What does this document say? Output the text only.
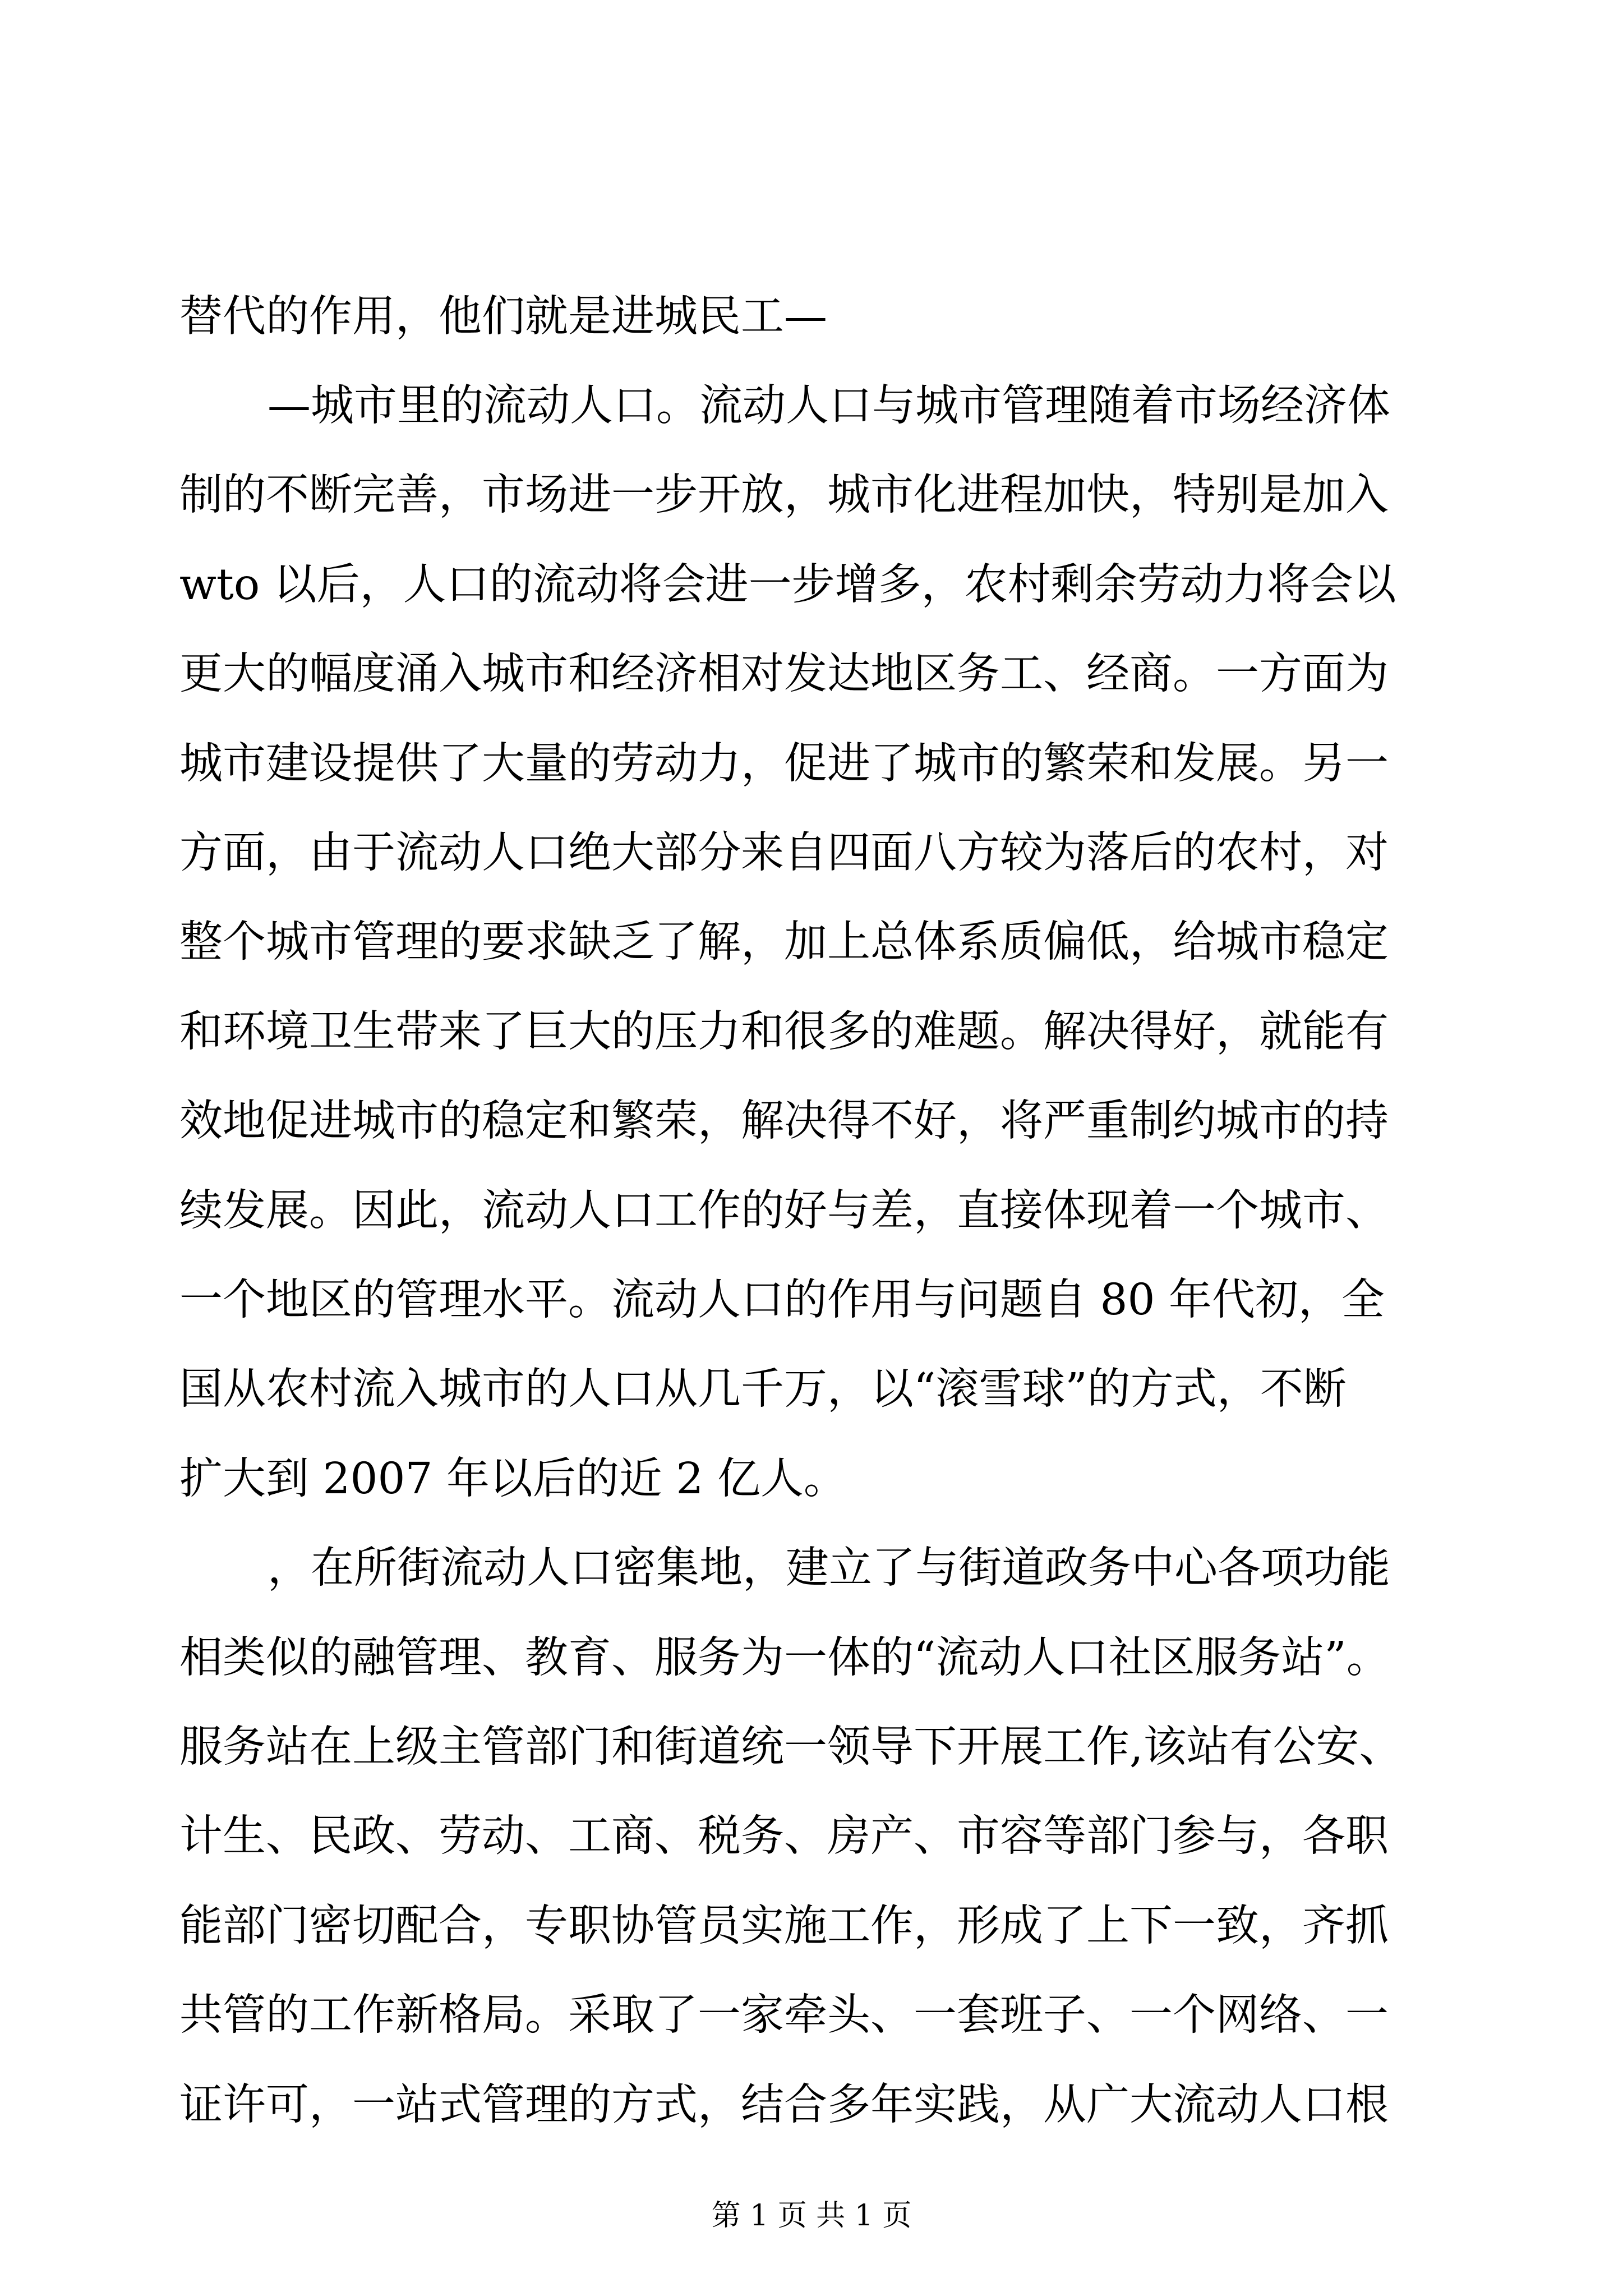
替代的作用，他们就是进城民工—
—城市里的流动人口。流动人口与城市管理随着市场经济体
制的不断完善，市场进一步开放，城市化进程加快，特别是加入
wto 以后，人口的流动将会进一步增多，农村剩余劳动力将会以
更大的幅度涌入城市和经济相对发达地区务工、经商。一方面为
城市建设提供了大量的劳动力，促进了城市的繁荣和发展。另一
方面，由于流动人口绝大部分来自四面八方较为落后的农村，对
整个城市管理的要求缺乏了解，加上总体系质偏低，给城市稳定
和环境卫生带来了巨大的压力和很多的难题。解决得好，就能有
效地促进城市的稳定和繁荣，解决得不好，将严重制约城市的持
续发展。因此，流动人口工作的好与差，直接体现着一个城市、
一个地区的管理水平。流动人口的作用与问题自 80 年代初，全
国从农村流入城市的人口从几千万，以“滚雪球”的方式，不断
扩大到 2007 年以后的近 2 亿人。
，在所街流动人口密集地，建立了与街道政务中心各项功能
相类似的融管理、教育、服务为一体的“流动人口社区服务站”。
服务站在上级主管部门和街道统一领导下开展工作,该站有公安、
计生、民政、劳动、工商、税务、房产、市容等部门参与，各职
能部门密切配合，专职协管员实施工作，形成了上下一致，齐抓
共管的工作新格局。采取了一家牵头、一套班子、一个网络、一
证许可，一站式管理的方式，结合多年实践，从广大流动人口根
第 1 页 共 1 页
